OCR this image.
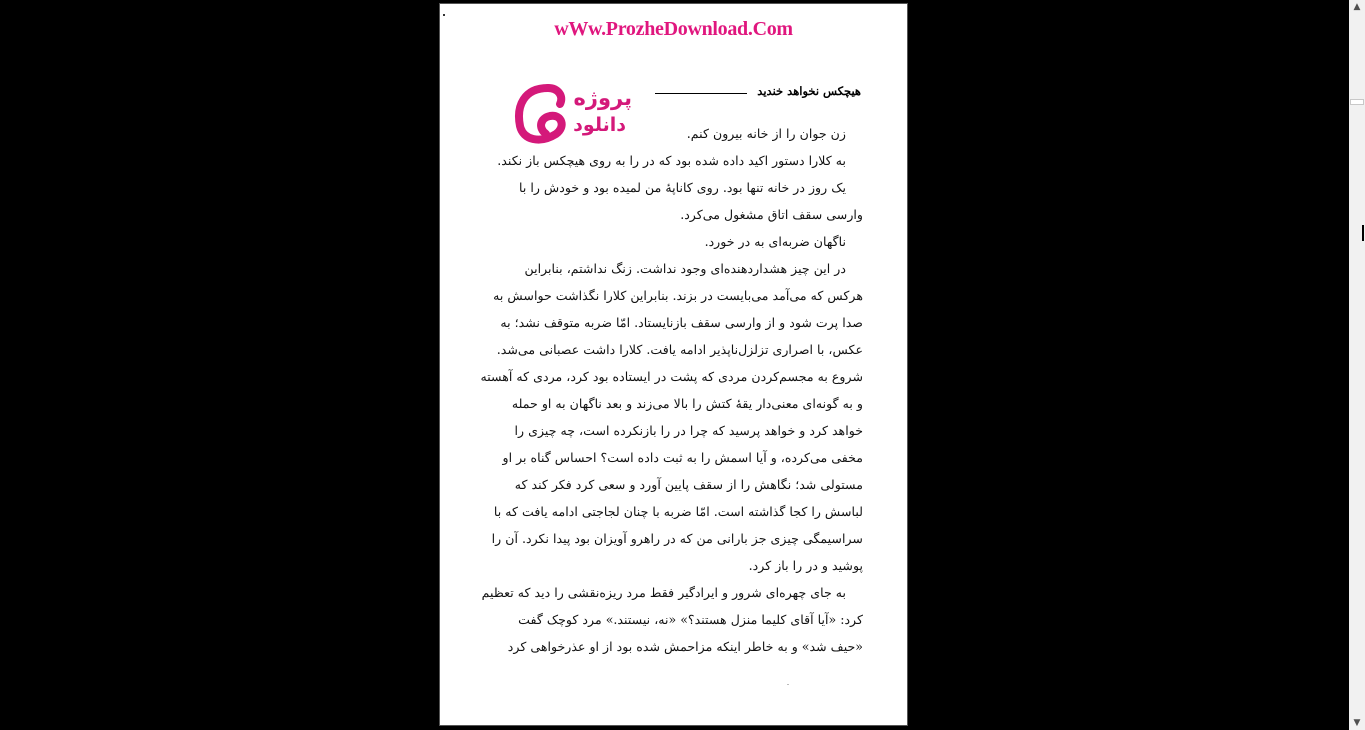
wWw.ProzheDownload.Com
پروژه
دانلود
هیچکس نخواهد خندید
زن جوان را از خانه بیرون کنم.
به کلارا دستور اکید داده شده بود که در را به روی هیچکس باز نکند.
یک روز در خانه تنها بود. روی کاناپهٔ من لمیده بود و خودش را با
وارسی سقف اتاق مشغول می‌کرد.
ناگهان ضربه‌ای به در خورد.
در این چیز هشداردهنده‌ای وجود نداشت. زنگ نداشتم، بنابراین
هرکس که می‌آمد می‌بایست در بزند. بنابراین کلارا نگذاشت حواسش به
صدا پرت شود و از وارسی سقف بازنایستاد. امّا ضربه متوقف نشد؛ به
عکس، با اصراری تزلزل‌ناپذیر ادامه یافت. کلارا داشت عصبانی می‌شد.
شروع به مجسم‌کردن مردی که پشت در ایستاده بود کرد، مردی که آهسته
و به گونه‌ای معنی‌دار یقهٔ کتش را بالا می‌زند و بعد ناگهان به او حمله
خواهد کرد و خواهد پرسید که چرا در را بازنکرده است، چه چیزی را
مخفی می‌کرده، و آیا اسمش را به ثبت داده است؟ احساس گناه بر او
مستولی شد؛ نگاهش را از سقف پایین آورد و سعی کرد فکر کند که
لباسش را کجا گذاشته است. امّا ضربه با چنان لجاجتی ادامه یافت که با
سراسیمگی چیزی جز بارانی من که در راهرو آویزان بود پیدا نکرد. آن را
پوشید و در را باز کرد.
به جای چهره‌ای شرور و ایرادگیر فقط مرد ریزه‌نقشی را دید که تعظیم
کرد: «آیا آقای کلیما منزل هستند؟» «نه، نیستند.» مرد کوچک گفت
«حیف شد» و به خاطر اینکه مزاحمش شده بود از او عذرخواهی کرد
▲
▼
